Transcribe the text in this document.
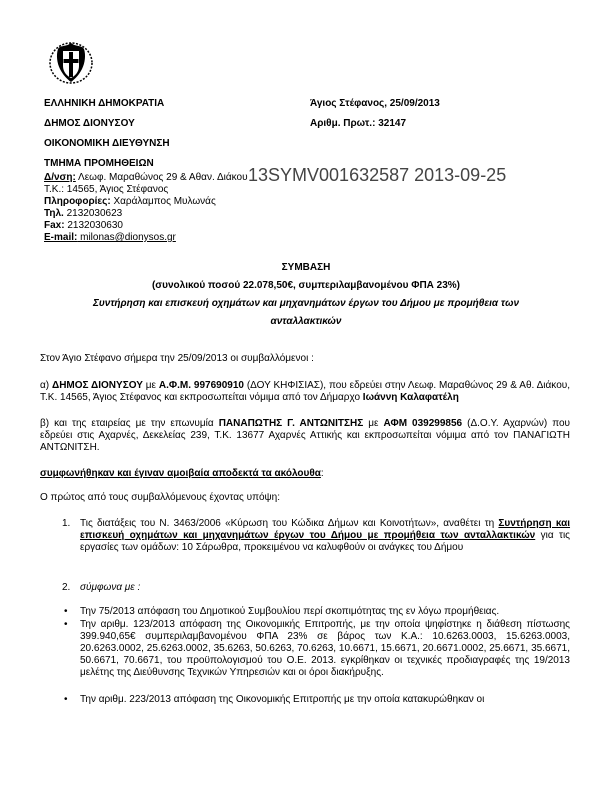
ΕΛΛΗΝΙΚΗ ΔΗΜΟΚΡΑΤΙΑ
ΔΗΜΟΣ ΔΙΟΝΥΣΟΥ
ΟΙΚΟΝΟΜΙΚΗ ΔΙΕΥΘΥΝΣΗ
ΤΜΗΜΑ ΠΡΟΜΗΘΕΙΩΝ
Άγιος Στέφανος, 25/09/2013
Αριθμ. Πρωτ.: 32147
Δ/νση: Λεωφ. Μαραθώνος 29 & Αθαν. Διάκου
Τ.Κ.: 14565, Άγιος Στέφανος
Πληροφορίες: Χαράλαμπος Μυλωνάς
Τηλ. 2132030623
Fax: 2132030630
E-mail: milonas@dionysos.gr
13SYMV001632587 2013-09-25
ΣΥΜΒΑΣΗ
(συνολικού ποσού 22.078,50€, συμπεριλαμβανομένου ΦΠΑ 23%)
Συντήρηση και επισκευή οχημάτων και μηχανημάτων έργων του Δήμου με προμήθεια των
ανταλλακτικών
Στον Άγιο Στέφανο σήμερα την 25/09/2013 οι συμβαλλόμενοι :
α) ΔΗΜΟΣ ΔΙΟΝΥΣΟΥ με Α.Φ.Μ. 997690910 (ΔΟΥ ΚΗΦΙΣΙΑΣ), που εδρεύει στην Λεωφ. Μαραθώνος 29 & Αθ. Διάκου, Τ.Κ. 14565, Άγιος Στέφανος και εκπροσωπείται νόμιμα από τον Δήμαρχο Ιωάννη Καλαφατέλη
β) και της εταιρείας με την επωνυμία ΠΑΝΑΠΩΤΗΣ Γ. ΑΝΤΩΝΙΤΣΗΣ με ΑΦΜ 039299856 (Δ.Ο.Υ. Αχαρνών) που εδρεύει στις Αχαρνές, Δεκελείας 239, Τ.Κ. 13677 Αχαρνές Αττικής και εκπροσωπείται νόμιμα από τον ΠΑΝΑΓΙΩΤΗ ΑΝΤΩΝΙΤΣΗ.
συμφωνήθηκαν και έγιναν αμοιβαία αποδεκτά τα ακόλουθα:
Ο πρώτος από τους συμβαλλόμενους έχοντας υπόψη:
1. Τις διατάξεις του Ν. 3463/2006 «Κύρωση του Κώδικα Δήμων και Κοινοτήτων», αναθέτει τη Συντήρηση και επισκευή οχημάτων και μηχανημάτων έργων του Δήμου με προμήθεια των ανταλλακτικών για τις εργασίες των ομάδων: 10 Σάρωθρα, προκειμένου να καλυφθούν οι ανάγκες του Δήμου
2. σύμφωνα με :
• Την 75/2013 απόφαση του Δημοτικού Συμβουλίου περί σκοπιμότητας της εν λόγω προμήθειας.
• Την αριθμ. 123/2013 απόφαση της Οικονομικής Επιτροπής, με την οποία ψηφίστηκε η διάθεση πίστωσης 399.940,65€ συμπεριλαμβανομένου ΦΠΑ 23% σε βάρος των Κ.Α.: 10.6263.0003, 15.6263.0003, 20.6263.0002, 25.6263.0002, 35.6263, 50.6263, 70.6263, 10.6671, 15.6671, 20.6671.0002, 25.6671, 35.6671, 50.6671, 70.6671, του προϋπολογισμού του Ο.Ε. 2013. εγκρίθηκαν οι τεχνικές προδιαγραφές της 19/2013 μελέτης της Διεύθυνσης Τεχνικών Υπηρεσιών και οι όροι διακήρυξης.
• Την αριθμ. 223/2013 απόφαση της Οικονομικής Επιτροπής με την οποία κατακυρώθηκαν οι
